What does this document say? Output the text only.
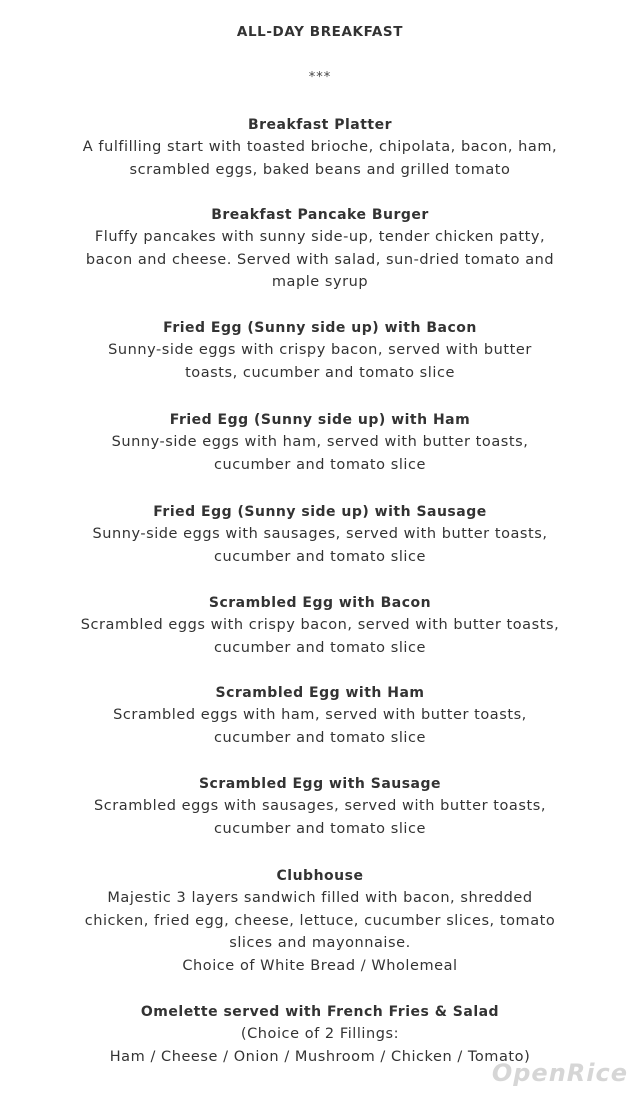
ALL-DAY BREAKFAST
***
Breakfast Platter
A fulfilling start with toasted brioche, chipolata, bacon, ham,
scrambled eggs, baked beans and grilled tomato
Breakfast Pancake Burger
Fluffy pancakes with sunny side-up, tender chicken patty,
bacon and cheese. Served with salad, sun-dried tomato and
maple syrup
Fried Egg (Sunny side up) with Bacon
Sunny-side eggs with crispy bacon, served with butter
toasts, cucumber and tomato slice
Fried Egg (Sunny side up) with Ham
Sunny-side eggs with ham, served with butter toasts,
cucumber and tomato slice
Fried Egg (Sunny side up) with Sausage
Sunny-side eggs with sausages, served with butter toasts,
cucumber and tomato slice
Scrambled Egg with Bacon
Scrambled eggs with crispy bacon, served with butter toasts,
cucumber and tomato slice
Scrambled Egg with Ham
Scrambled eggs with ham, served with butter toasts,
cucumber and tomato slice
Scrambled Egg with Sausage
Scrambled eggs with sausages, served with butter toasts,
cucumber and tomato slice
Clubhouse
Majestic 3 layers sandwich filled with bacon, shredded
chicken, fried egg, cheese, lettuce, cucumber slices, tomato
slices and mayonnaise.
Choice of White Bread / Wholemeal
Omelette served with French Fries & Salad
(Choice of 2 Fillings:
Ham / Cheese / Onion / Mushroom / Chicken / Tomato)
OpenRice
